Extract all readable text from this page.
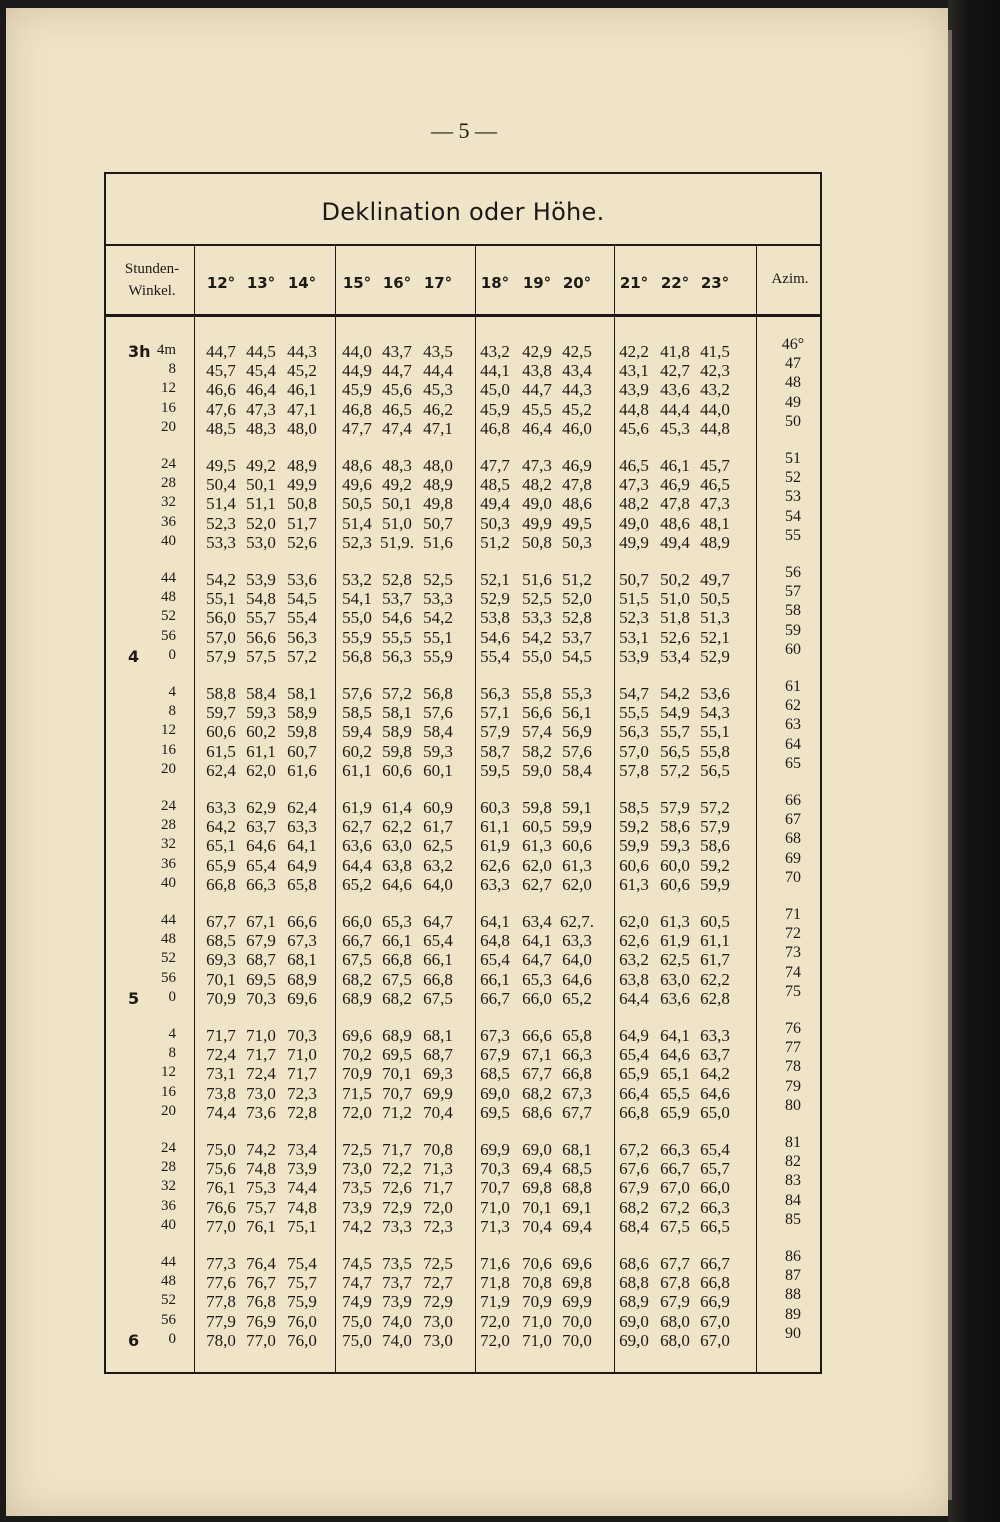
— 5 —
Deklination oder Höhe.
Stunden-Winkel.
Azim.
12° 13° 14°	15° 16° 17°	18° 19° 20°	21° 22° 23°
3h 4m	44,7 44,5 44,3	44,0 43,7 43,5	43,2 42,9 42,5	42,2 41,8 41,5	46°
8	45,7 45,4 45,2	44,9 44,7 44,4	44,1 43,8 43,4	43,1 42,7 42,3	47
12	46,6 46,4 46,1	45,9 45,6 45,3	45,0 44,7 44,3	43,9 43,6 43,2	48
16	47,6 47,3 47,1	46,8 46,5 46,2	45,9 45,5 45,2	44,8 44,4 44,0	49
20	48,5 48,3 48,0	47,7 47,4 47,1	46,8 46,4 46,0	45,6 45,3 44,8	50
24	49,5 49,2 48,9	48,6 48,3 48,0	47,7 47,3 46,9	46,5 46,1 45,7	51
28	50,4 50,1 49,9	49,6 49,2 48,9	48,5 48,2 47,8	47,3 46,9 46,5	52
32	51,4 51,1 50,8	50,5 50,1 49,8	49,4 49,0 48,6	48,2 47,8 47,3	53
36	52,3 52,0 51,7	51,4 51,0 50,7	50,3 49,9 49,5	49,0 48,6 48,1	54
40	53,3 53,0 52,6	52,3 51,9. 51,6	51,2 50,8 50,3	49,9 49,4 48,9	55
44	54,2 53,9 53,6	53,2 52,8 52,5	52,1 51,6 51,2	50,7 50,2 49,7	56
48	55,1 54,8 54,5	54,1 53,7 53,3	52,9 52,5 52,0	51,5 51,0 50,5	57
52	56,0 55,7 55,4	55,0 54,6 54,2	53,8 53,3 52,8	52,3 51,8 51,3	58
56	57,0 56,6 56,3	55,9 55,5 55,1	54,6 54,2 53,7	53,1 52,6 52,1	59
4	0	57,9 57,5 57,2	56,8 56,3 55,9	55,4 55,0 54,5	53,9 53,4 52,9	60
4	58,8 58,4 58,1	57,6 57,2 56,8	56,3 55,8 55,3	54,7 54,2 53,6	61
8	59,7 59,3 58,9	58,5 58,1 57,6	57,1 56,6 56,1	55,5 54,9 54,3	62
12	60,6 60,2 59,8	59,4 58,9 58,4	57,9 57,4 56,9	56,3 55,7 55,1	63
16	61,5 61,1 60,7	60,2 59,8 59,3	58,7 58,2 57,6	57,0 56,5 55,8	64
20	62,4 62,0 61,6	61,1 60,6 60,1	59,5 59,0 58,4	57,8 57,2 56,5	65
24	63,3 62,9 62,4	61,9 61,4 60,9	60,3 59,8 59,1	58,5 57,9 57,2	66
28	64,2 63,7 63,3	62,7 62,2 61,7	61,1 60,5 59,9	59,2 58,6 57,9	67
32	65,1 64,6 64,1	63,6 63,0 62,5	61,9 61,3 60,6	59,9 59,3 58,6	68
36	65,9 65,4 64,9	64,4 63,8 63,2	62,6 62,0 61,3	60,6 60,0 59,2	69
40	66,8 66,3 65,8	65,2 64,6 64,0	63,3 62,7 62,0	61,3 60,6 59,9	70
44	67,7 67,1 66,6	66,0 65,3 64,7	64,1 63,4 62,7.	62,0 61,3 60,5	71
48	68,5 67,9 67,3	66,7 66,1 65,4	64,8 64,1 63,3	62,6 61,9 61,1	72
52	69,3 68,7 68,1	67,5 66,8 66,1	65,4 64,7 64,0	63,2 62,5 61,7	73
56	70,1 69,5 68,9	68,2 67,5 66,8	66,1 65,3 64,6	63,8 63,0 62,2	74
5	0	70,9 70,3 69,6	68,9 68,2 67,5	66,7 66,0 65,2	64,4 63,6 62,8	75
4	71,7 71,0 70,3	69,6 68,9 68,1	67,3 66,6 65,8	64,9 64,1 63,3	76
8	72,4 71,7 71,0	70,2 69,5 68,7	67,9 67,1 66,3	65,4 64,6 63,7	77
12	73,1 72,4 71,7	70,9 70,1 69,3	68,5 67,7 66,8	65,9 65,1 64,2	78
16	73,8 73,0 72,3	71,5 70,7 69,9	69,0 68,2 67,3	66,4 65,5 64,6	79
20	74,4 73,6 72,8	72,0 71,2 70,4	69,5 68,6 67,7	66,8 65,9 65,0	80
24	75,0 74,2 73,4	72,5 71,7 70,8	69,9 69,0 68,1	67,2 66,3 65,4	81
28	75,6 74,8 73,9	73,0 72,2 71,3	70,3 69,4 68,5	67,6 66,7 65,7	82
32	76,1 75,3 74,4	73,5 72,6 71,7	70,7 69,8 68,8	67,9 67,0 66,0	83
36	76,6 75,7 74,8	73,9 72,9 72,0	71,0 70,1 69,1	68,2 67,2 66,3	84
40	77,0 76,1 75,1	74,2 73,3 72,3	71,3 70,4 69,4	68,4 67,5 66,5	85
44	77,3 76,4 75,4	74,5 73,5 72,5	71,6 70,6 69,6	68,6 67,7 66,7	86
48	77,6 76,7 75,7	74,7 73,7 72,7	71,8 70,8 69,8	68,8 67,8 66,8	87
52	77,8 76,8 75,9	74,9 73,9 72,9	71,9 70,9 69,9	68,9 67,9 66,9	88
56	77,9 76,9 76,0	75,0 74,0 73,0	72,0 71,0 70,0	69,0 68,0 67,0	89
6	0	78,0 77,0 76,0	75,0 74,0 73,0	72,0 71,0 70,0	69,0 68,0 67,0	90
